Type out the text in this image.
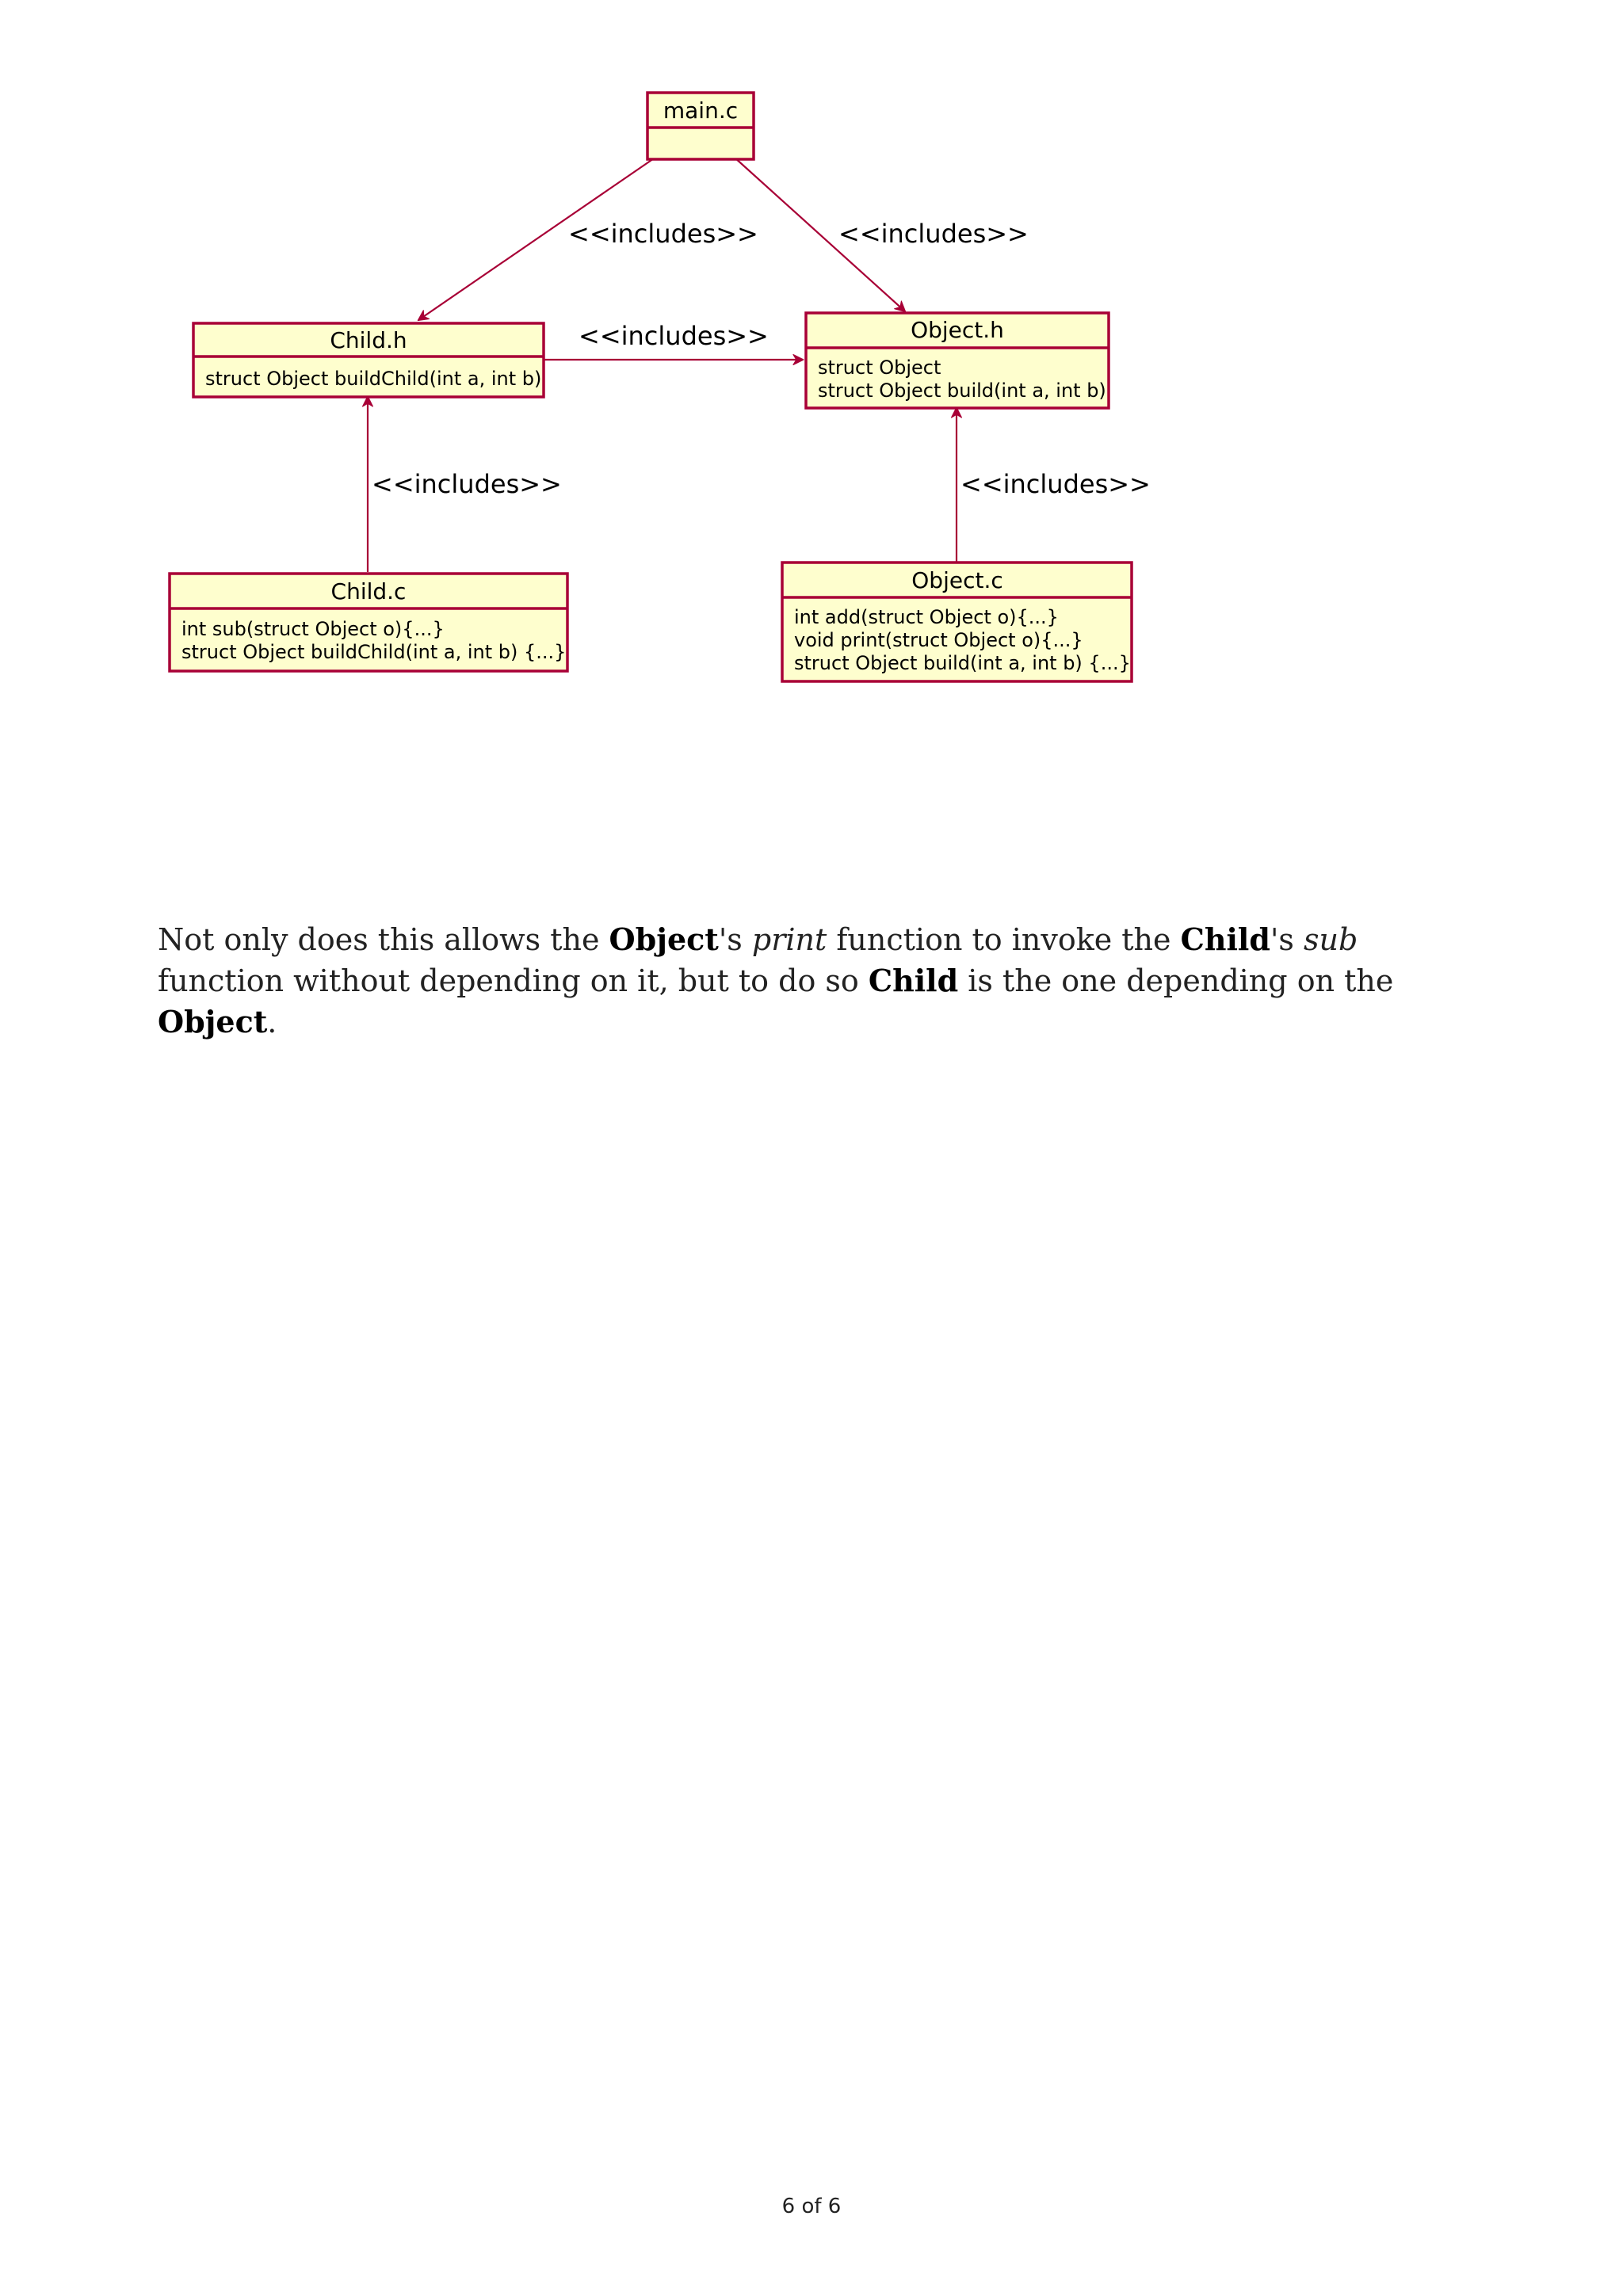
<<includes>>	<<includes>>
<<includes>>
<<includes>>	<<includes>>
main.c
Child.h
struct Object buildChild(int a, int b)
Object.h
struct Object
struct Object build(int a, int b)
Child.c
int sub(struct Object o){...}
struct Object buildChild(int a, int b) {...}
Object.c
int add(struct Object o){...}
void print(struct Object o){...}
struct Object build(int a, int b) {...}

Not only does this allows the Object's print function to invoke the Child's sub function without depending on it, but to do so Child is the one depending on the Object.

6 of 6
